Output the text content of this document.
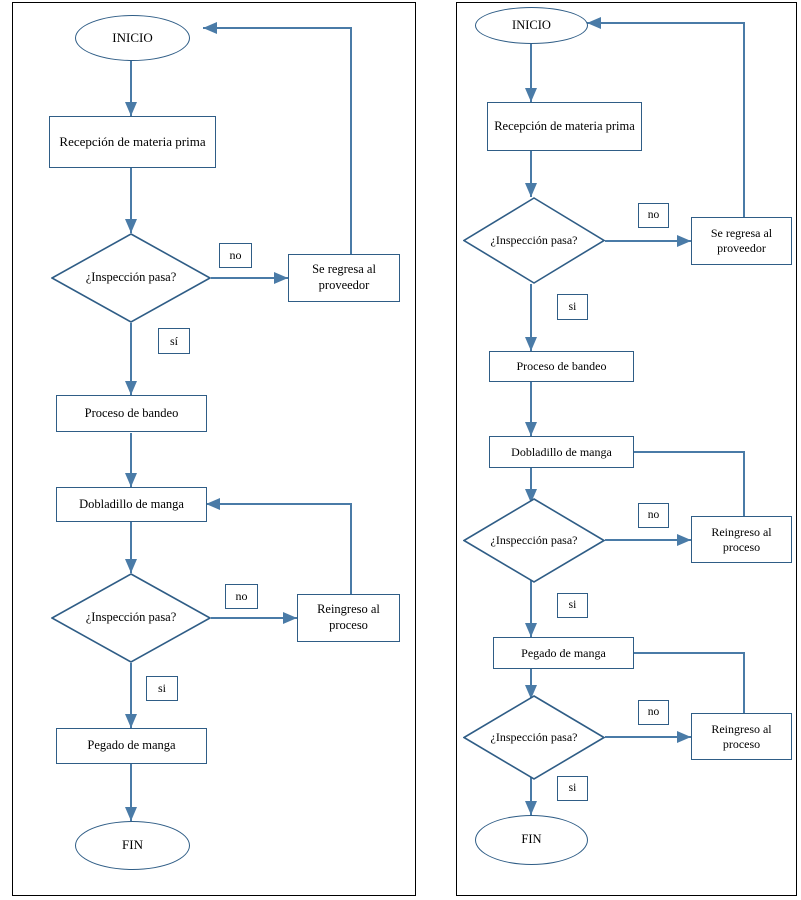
INICIO
Recepción de materia prima
¿Inspección pasa?
no
Se regresa al proveedor
sí
Proceso de bandeo
Dobladillo de manga
¿Inspección pasa?
no
Reingreso al proceso
si
Pegado de manga
FIN
INICIO
Recepción de materia prima
¿Inspección pasa?
no
Se regresa al proveedor
si
Proceso de bandeo
Dobladillo de manga
¿Inspección pasa?
no
Reingreso al proceso
si
Pegado de manga
¿Inspección pasa?
no
Reingreso al proceso
si
FIN
